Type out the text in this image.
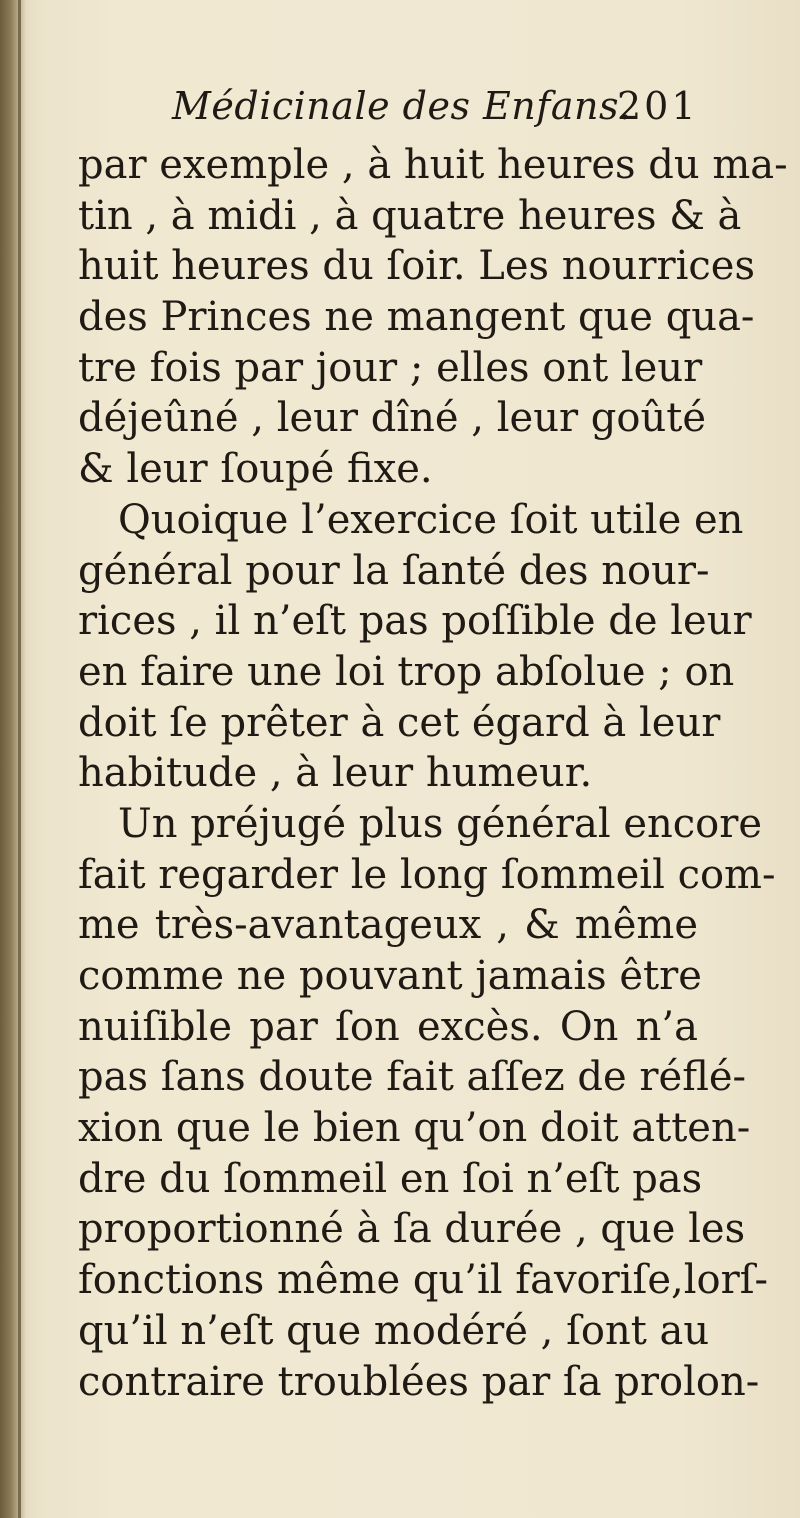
Médicinale des Enfans.
201
par exemple , à huit heures du ma-
tin , à midi , à quatre heures & à
huit heures du ſoir. Les nourrices
des Princes ne mangent que qua-
tre fois par jour ; elles ont leur
déjeûné , leur dîné , leur goûté
& leur ſoupé fixe.
Quoique l’exercice ſoit utile en
général pour la ſanté des nour-
rices , il n’eſt pas poſſible de leur
en faire une loi trop abſolue ; on
doit ſe prêter à cet égard à leur
habitude , à leur humeur.
Un préjugé plus général encore
fait regarder le long ſommeil com-
me très-avantageux , & même
comme ne pouvant jamais être
nuiſible par ſon excès. On n’a
pas ſans doute fait aſſez de réflé-
xion que le bien qu’on doit atten-
dre du ſommeil en ſoi n’eſt pas
proportionné à ſa durée , que les
fonctions même qu’il favoriſe,lorſ-
qu’il n’eſt que modéré , ſont au
contraire troublées par ſa prolon-
